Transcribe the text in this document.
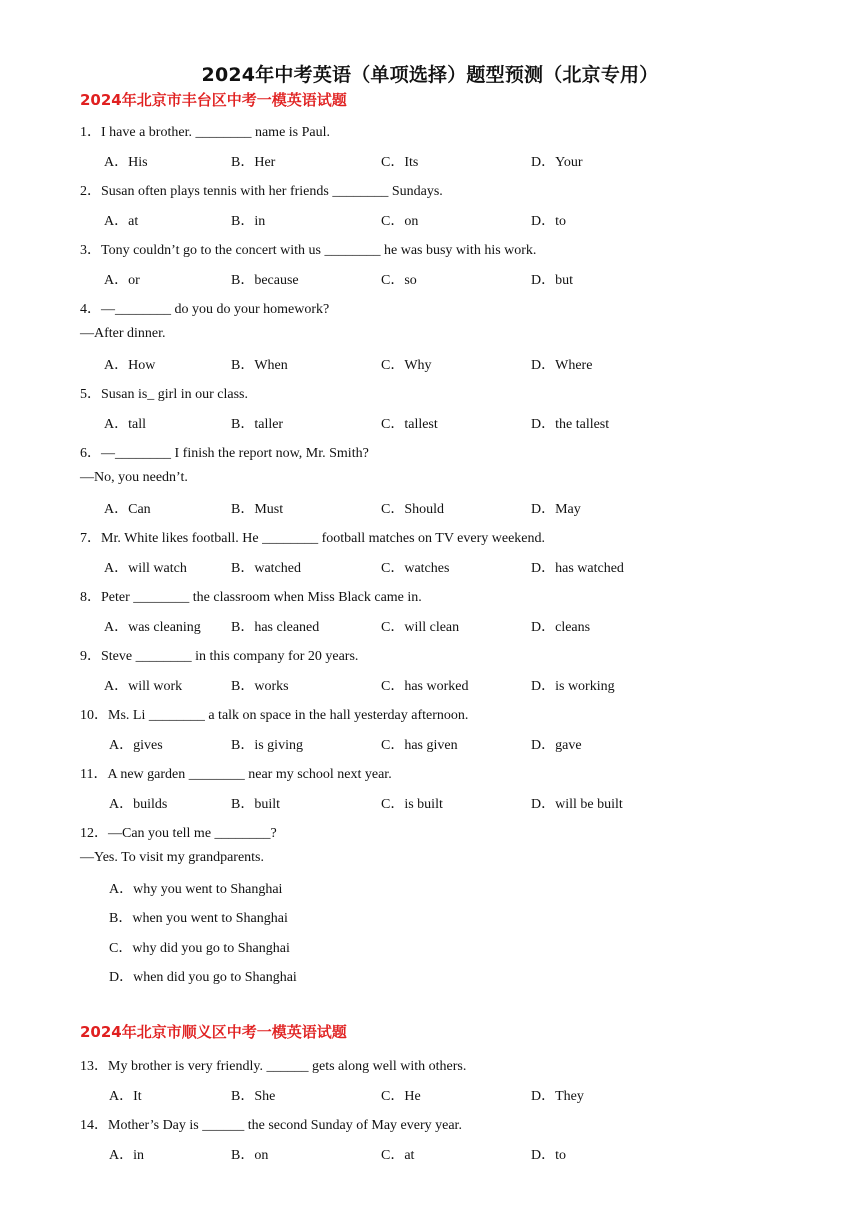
2024年中考英语（单项选择）题型预测（北京专用）
2024年北京市丰台区中考一模英语试题
1．I have a brother. ________ name is Paul.
A．His	B．Her	C．Its	D．Your
2．Susan often plays tennis with her friends ________ Sundays.
A．at	B．in	C．on	D．to
3．Tony couldn’t go to the concert with us ________ he was busy with his work.
A．or	B．because	C．so	D．but
4．—________ do you do your homework?
—After dinner.
A．How	B．When	C．Why	D．Where
5．Susan is_ girl in our class.
A．tall	B．taller	C．tallest	D．the tallest
6．—________ I finish the report now, Mr. Smith?
—No, you needn’t.
A．Can	B．Must	C．Should	D．May
7．Mr. White likes football. He ________ football matches on TV every weekend.
A．will watch	B．watched	C．watches	D．has watched
8．Peter ________ the classroom when Miss Black came in.
A．was cleaning B．has cleaned	C．will clean	D．cleans
9．Steve ________ in this company for 20 years.
A．will work	B．works	C．has worked	D．is working
10．Ms. Li ________ a talk on space in the hall yesterday afternoon.
A．gives	B．is giving	C．has given	D．gave
11．A new garden ________ near my school next year.
A．builds	B．built	C．is built	D．will be built
12．—Can you tell me ________?
—Yes. To visit my grandparents.
A．why you went to Shanghai
B．when you went to Shanghai
C．why did you go to Shanghai
D．when did you go to Shanghai
2024年北京市顺义区中考一模英语试题
13．My brother is very friendly. ______ gets along well with others.
A．It	B．She	C．He	D．They
14．Mother’s Day is ______ the second Sunday of May every year.
A．in	B．on	C．at	D．to
